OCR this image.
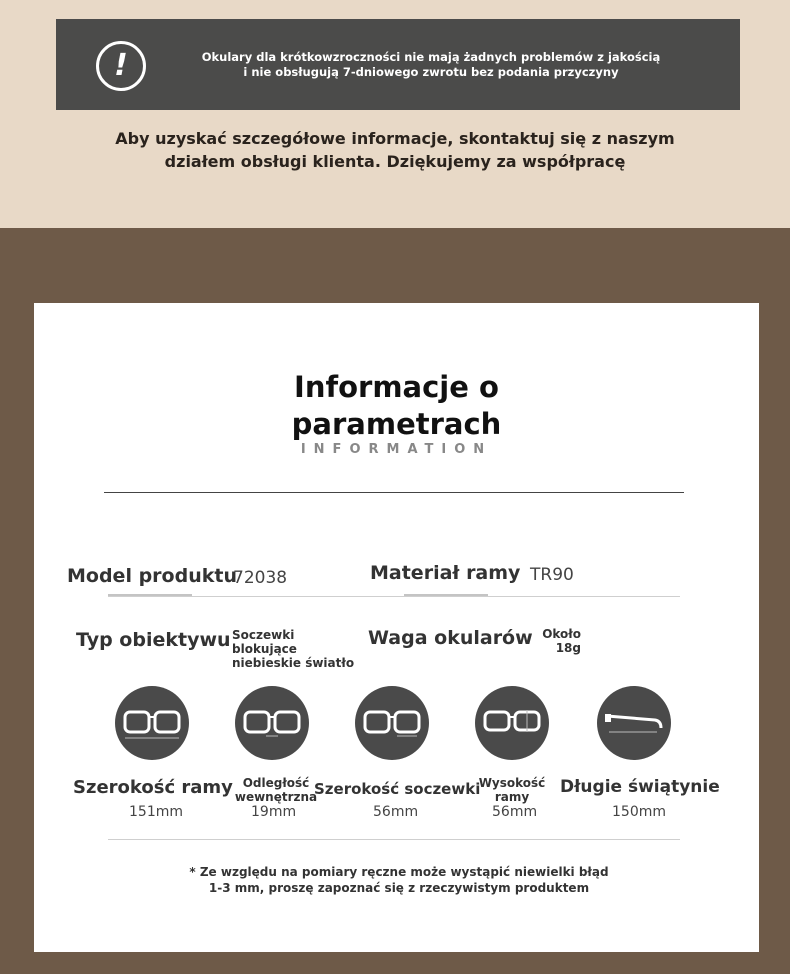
!	Okulary dla krótkowzroczności nie mają żadnych problemów z jakością
i nie obsługują 7-dniowego zwrotu bez podania przyczyny
Aby uzyskać szczegółowe informacje, skontaktuj się z naszym
działem obsługi klienta. Dziękujemy za współpracę
Informacje o
parametrach
INFORMATION
Model produktu
72038	Materiał ramy TR90
Typ obiektywu Soczewki
blokujące
niebieskie światło
Waga okularów Około
18g
Szerokość ramy
151mm
Odległość
wewnętrzna
19mm
Szerokość soczewki
56mm
Wysokość
ramy
56mm
Długie świątynie
150mm
* Ze względu na pomiary ręczne może wystąpić niewielki błąd
1-3 mm, proszę zapoznać się z rzeczywistym produktem
